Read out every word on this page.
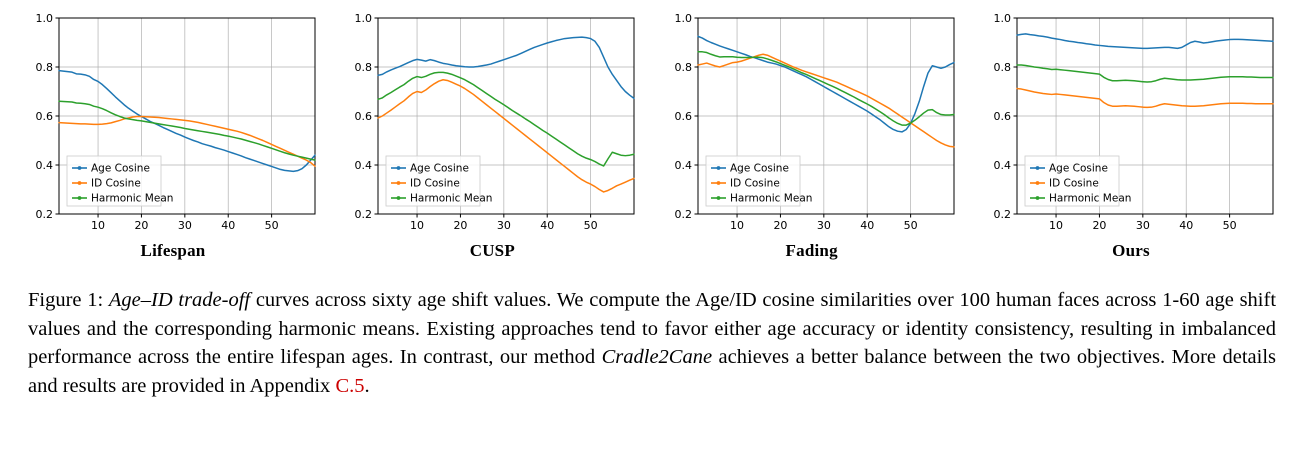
0.2
0.4
0.6
0.8
1.0
10	20	30	40	50
Age Cosine
ID Cosine
Harmonic Mean
Lifespan
0.2
0.4
0.6
0.8
1.0
10	20	30	40	50
Age Cosine
ID Cosine
Harmonic Mean
CUSP
0.2
0.4
0.6
0.8
1.0
10	20	30	40	50
Age Cosine
ID Cosine
Harmonic Mean
Fading
0.2
0.4
0.6
0.8
1.0
10	20	30	40	50
Age Cosine
ID Cosine
Harmonic Mean
Ours
Figure 1: Age–ID trade-off curves across sixty age shift values. We compute the Age/ID cosine similarities over 100 human faces across 1-60 age shift values and the corresponding harmonic means. Existing approaches tend to favor either age accuracy or identity consistency, resulting in imbalanced performance across the entire lifespan ages. In contrast, our method Cradle2Cane achieves a better balance between the two objectives. More details and results are provided in Appendix C.5.
